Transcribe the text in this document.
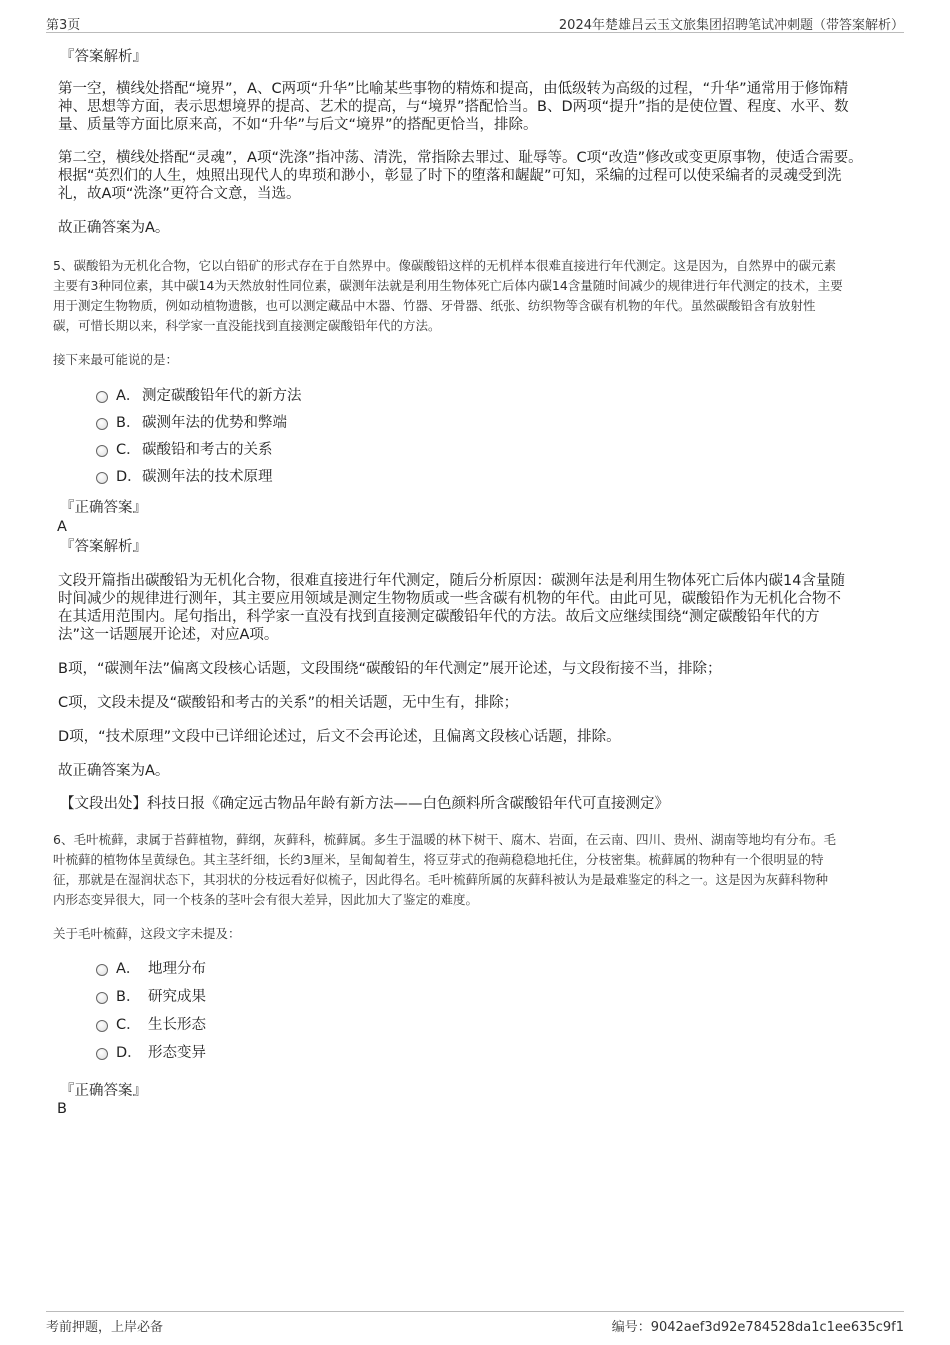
第3页	2024年楚雄吕云玉文旅集团招聘笔试冲刺题（带答案解析）
『答案解析』
第一空，横线处搭配“境界”，A、C两项“升华”比喻某些事物的精炼和提高，由低级转为高级的过程，“升华”通常用于修饰精
神、思想等方面，表示思想境界的提高、艺术的提高，与“境界”搭配恰当。B、D两项“提升”指的是使位置、程度、水平、数
量、质量等方面比原来高，不如“升华”与后文“境界”的搭配更恰当，排除。
第二空，横线处搭配“灵魂”，A项“洗涤”指冲荡、清洗，常指除去罪过、耻辱等。C项“改造”修改或变更原事物，使适合需要。
根据“英烈们的人生，烛照出现代人的卑琐和渺小，彰显了时下的堕落和龌龊”可知，采编的过程可以使采编者的灵魂受到洗
礼，故A项“洗涤”更符合文意，当选。
故正确答案为A。
5、碳酸铅为无机化合物，它以白铅矿的形式存在于自然界中。像碳酸铅这样的无机样本很难直接进行年代测定。这是因为，自然界中的碳元素
主要有3种同位素，其中碳14为天然放射性同位素，碳测年法就是利用生物体死亡后体内碳14含量随时间减少的规律进行年代测定的技术，主要
用于测定生物物质，例如动植物遗骸，也可以测定藏品中木器、竹器、牙骨器、纸张、纺织物等含碳有机物的年代。虽然碳酸铅含有放射性
碳，可惜长期以来，科学家一直没能找到直接测定碳酸铅年代的方法。
接下来最可能说的是：
A． 测定碳酸铅年代的新方法
B． 碳测年法的优势和弊端
C．碳酸铅和考古的关系
D．碳测年法的技术原理
『正确答案』
A
『答案解析』
文段开篇指出碳酸铅为无机化合物，很难直接进行年代测定，随后分析原因：碳测年法是利用生物体死亡后体内碳14含量随
时间减少的规律进行测年，其主要应用领域是测定生物物质或一些含碳有机物的年代。由此可见，碳酸铅作为无机化合物不
在其适用范围内。尾句指出，科学家一直没有找到直接测定碳酸铅年代的方法。故后文应继续围绕“测定碳酸铅年代的方
法”这一话题展开论述，对应A项。
B项，“碳测年法”偏离文段核心话题，文段围绕“碳酸铅的年代测定”展开论述，与文段衔接不当，排除；
C项，文段未提及“碳酸铅和考古的关系”的相关话题，无中生有，排除；
D项，“技术原理”文段中已详细论述过，后文不会再论述，且偏离文段核心话题，排除。
故正确答案为A。
【文段出处】科技日报《确定远古物品年龄有新方法——白色颜料所含碳酸铅年代可直接测定》
6、毛叶梳藓，隶属于苔藓植物，藓纲，灰藓科，梳藓属。多生于温暖的林下树干、腐木、岩面，在云南、四川、贵州、湖南等地均有分布。毛
叶梳藓的植物体呈黄绿色。其主茎纤细，长约3厘米，呈匍匐着生，将豆芽式的孢蒴稳稳地托住，分枝密集。梳藓属的物种有一个很明显的特
征，那就是在湿润状态下，其羽状的分枝远看好似梳子，因此得名。毛叶梳藓所属的灰藓科被认为是最难鉴定的科之一。这是因为灰藓科物种
内形态变异很大，同一个枝条的茎叶会有很大差异，因此加大了鉴定的难度。
关于毛叶梳藓，这段文字未提及：
A． 地理分布
B． 研究成果
C． 生长形态
D． 形态变异
『正确答案』
B
考前押题，上岸必备	编号：9042aef3d92e784528da1c1ee635c9f1
